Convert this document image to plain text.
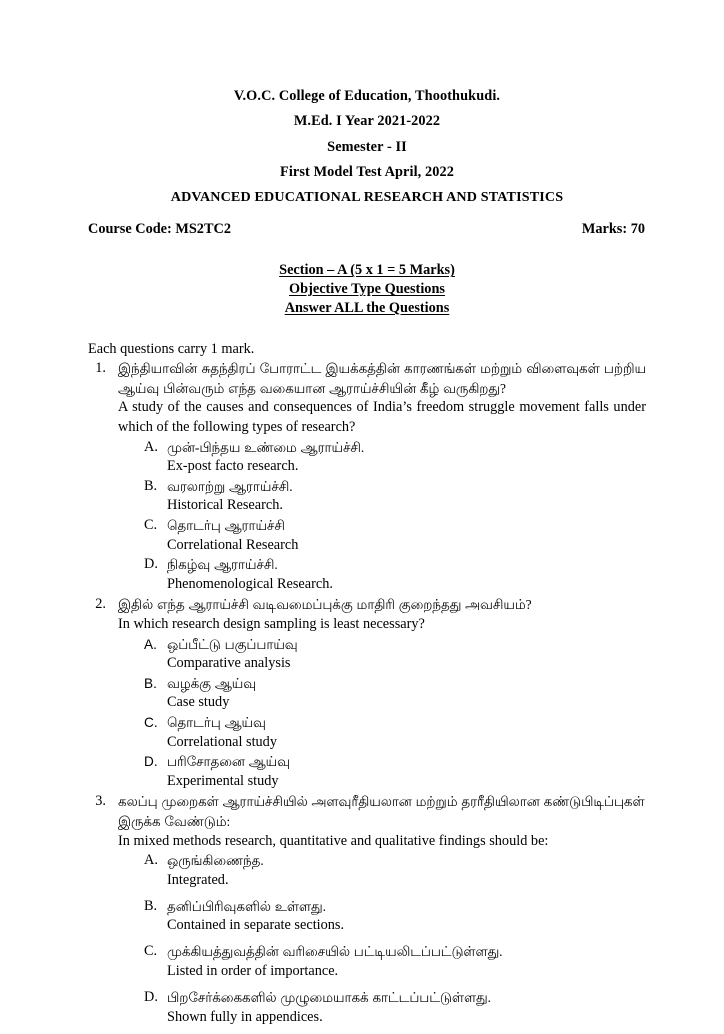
V.O.C. College of Education, Thoothukudi.
M.Ed. I Year 2021-2022
Semester - II
First Model Test April, 2022
ADVANCED EDUCATIONAL RESEARCH AND STATISTICS
Course Code: MS2TC2	Marks: 70
Section – A (5 x 1 = 5 Marks)
Objective Type Questions
Answer ALL the Questions
Each questions carry 1 mark.
1. இந்தியாவின் சுதந்திரப் போராட்ட இயக்கத்தின் காரணங்கள் மற்றும் விளைவுகள் பற்றிய ஆய்வு பின்வரும் எந்த வகையான ஆராய்ச்சியின் கீழ் வருகிறது?
A study of the causes and consequences of India’s freedom struggle movement falls under which of the following types of research?
A. முன்-பிந்தய உண்மை ஆராய்ச்சி.
Ex-post facto research.
B. வரலாற்று ஆராய்ச்சி.
Historical Research.
C. தொடர்பு ஆராய்ச்சி
Correlational Research
D. நிகழ்வு ஆராய்ச்சி.
Phenomenological Research.
2. இதில் எந்த ஆராய்ச்சி வடிவமைப்புக்கு மாதிரி குறைந்தது அவசியம்?
In which research design sampling is least necessary?
A. ஒப்பீட்டு பகுப்பாய்வு
Comparative analysis
B. வழக்கு ஆய்வு
Case study
C. தொடர்பு ஆய்வு
Correlational study
D. பரிசோதனை ஆய்வு
Experimental study
3. கலப்பு முறைகள் ஆராய்ச்சியில் அளவுரீதியலான மற்றும் தரரீதியிலான கண்டுபிடிப்புகள் இருக்க வேண்டும்:
In mixed methods research, quantitative and qualitative findings should be:
A. ஒருங்கிணைந்த.
Integrated.
B. தனிப்பிரிவுகளில் உள்ளது.
Contained in separate sections.
C. முக்கியத்துவத்தின் வரிசையில் பட்டியலிடப்பட்டுள்ளது.
Listed in order of importance.
D. பிறசேர்க்கைகளில் முழுமையாகக் காட்டப்பட்டுள்ளது.
Shown fully in appendices.
